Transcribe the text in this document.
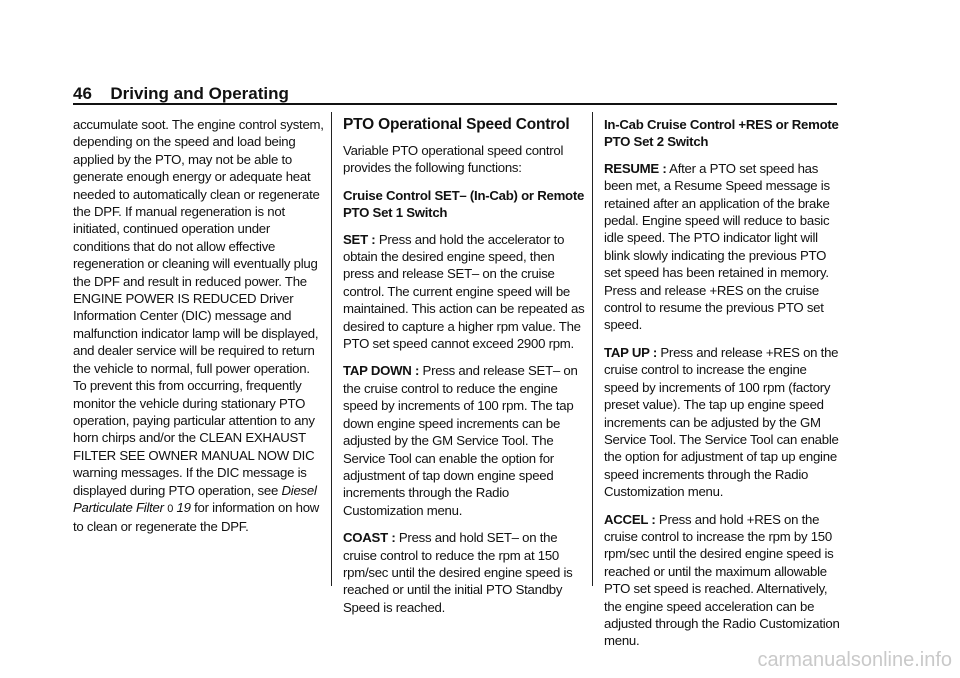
46 Driving and Operating

accumulate soot. The engine control system, depending on the speed and load being applied by the PTO, may not be able to generate enough energy or adequate heat needed to automatically clean or regenerate the DPF. If manual regeneration is not initiated, continued operation under conditions that do not allow effective regeneration or cleaning will eventually plug the DPF and result in reduced power. The ENGINE POWER IS REDUCED Driver Information Center (DIC) message and malfunction indicator lamp will be displayed, and dealer service will be required to return the vehicle to normal, full power operation. To prevent this from occurring, frequently monitor the vehicle during stationary PTO operation, paying particular attention to any horn chirps and/or the CLEAN EXHAUST FILTER SEE OWNER MANUAL NOW DIC warning messages. If the DIC message is displayed during PTO operation, see Diesel Particulate Filter 0 19 for information on how to clean or regenerate the DPF.

PTO Operational Speed Control

Variable PTO operational speed control provides the following functions:

Cruise Control SET– (In-Cab) or Remote PTO Set 1 Switch

SET : Press and hold the accelerator to obtain the desired engine speed, then press and release SET– on the cruise control. The current engine speed will be maintained. This action can be repeated as desired to capture a higher rpm value. The PTO set speed cannot exceed 2900 rpm.

TAP DOWN : Press and release SET– on the cruise control to reduce the engine speed by increments of 100 rpm. The tap down engine speed increments can be adjusted by the GM Service Tool. The Service Tool can enable the option for adjustment of tap down engine speed increments through the Radio Customization menu.

COAST : Press and hold SET– on the cruise control to reduce the rpm at 150 rpm/sec until the desired engine speed is reached or until the initial PTO Standby Speed is reached.

In-Cab Cruise Control +RES or Remote PTO Set 2 Switch

RESUME : After a PTO set speed has been met, a Resume Speed message is retained after an application of the brake pedal. Engine speed will reduce to basic idle speed. The PTO indicator light will blink slowly indicating the previous PTO set speed has been retained in memory. Press and release +RES on the cruise control to resume the previous PTO set speed.

TAP UP : Press and release +RES on the cruise control to increase the engine speed by increments of 100 rpm (factory preset value). The tap up engine speed increments can be adjusted by the GM Service Tool. The Service Tool can enable the option for adjustment of tap up engine speed increments through the Radio Customization menu.

ACCEL : Press and hold +RES on the cruise control to increase the rpm by 150 rpm/sec until the desired engine speed is reached or until the maximum allowable PTO set speed is reached. Alternatively, the engine speed acceleration can be adjusted through the Radio Customization menu.

carmanualsonline.info
